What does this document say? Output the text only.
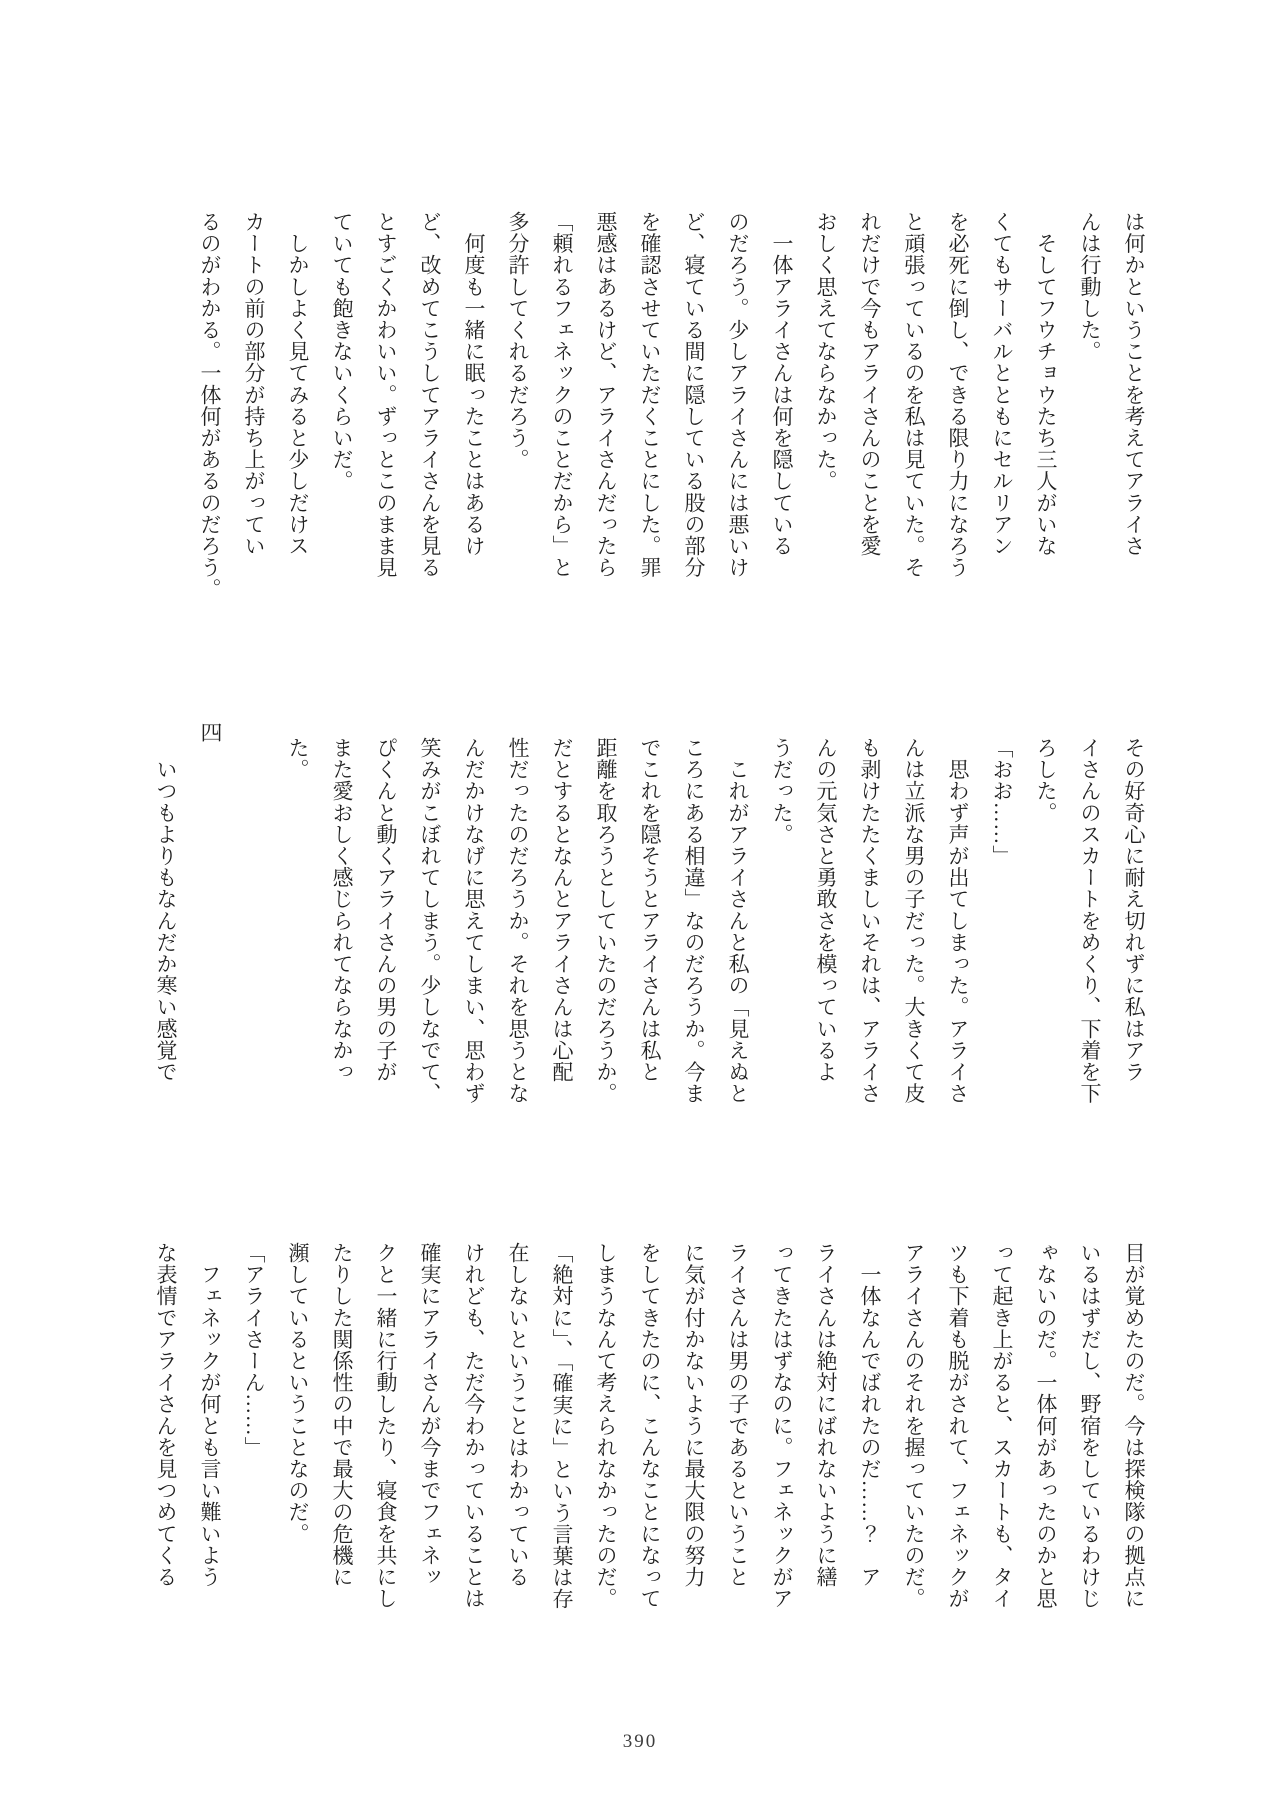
は何かということを考えてアライさ
んは行動した。
　そしてフウチョウたち三人がいな
くてもサーバルとともにセルリアン
を必死に倒し、できる限り力になろう
と頑張っているのを私は見ていた。そ
れだけで今もアライさんのことを愛
おしく思えてならなかった。
　一体アライさんは何を隠している
のだろう。少しアライさんには悪いけ
ど、寝ている間に隠している股の部分
を確認させていただくことにした。罪
悪感はあるけど、アライさんだったら
「頼れるフェネックのことだから」と
多分許してくれるだろう。
　何度も一緒に眠ったことはあるけ
ど、改めてこうしてアライさんを見る
とすごくかわいい。ずっとこのまま見
ていても飽きないくらいだ。
　しかしよく見てみると少しだけス
カートの前の部分が持ち上がってい
るのがわかる。一体何があるのだろう。
その好奇心に耐え切れずに私はアラ
イさんのスカートをめくり、下着を下
ろした。
「おお……」
　思わず声が出てしまった。アライさ
んは立派な男の子だった。大きくて皮
も剥けたたくましいそれは、アライさ
んの元気さと勇敢さを模っているよ
うだった。
　これがアライさんと私の「見えぬと
ころにある相違」なのだろうか。今ま
でこれを隠そうとアライさんは私と
距離を取ろうとしていたのだろうか。
だとするとなんとアライさんは心配
性だったのだろうか。それを思うとな
んだかけなげに思えてしまい、思わず
笑みがこぼれてしまう。少しなでて、
ぴくんと動くアライさんの男の子が
また愛おしく感じられてならなかっ
た。
四
　いつもよりもなんだか寒い感覚で
目が覚めたのだ。今は探検隊の拠点に
いるはずだし、野宿をしているわけじ
ゃないのだ。一体何があったのかと思
って起き上がると、スカートも、タイ
ツも下着も脱がされて、フェネックが
アライさんのそれを握っていたのだ。
　一体なんでばれたのだ……？　ア
ライさんは絶対にばれないように繕
ってきたはずなのに。フェネックがア
ライさんは男の子であるということ
に気が付かないように最大限の努力
をしてきたのに、こんなことになって
しまうなんて考えられなかったのだ。
「絶対に」、「確実に」という言葉は存
在しないということはわかっている
けれども、ただ今わかっていることは
確実にアライさんが今までフェネッ
クと一緒に行動したり、寝食を共にし
たりした関係性の中で最大の危機に
瀕しているということなのだ。
「アライさーん……」
　フェネックが何とも言い難いよう
な表情でアライさんを見つめてくる
390
